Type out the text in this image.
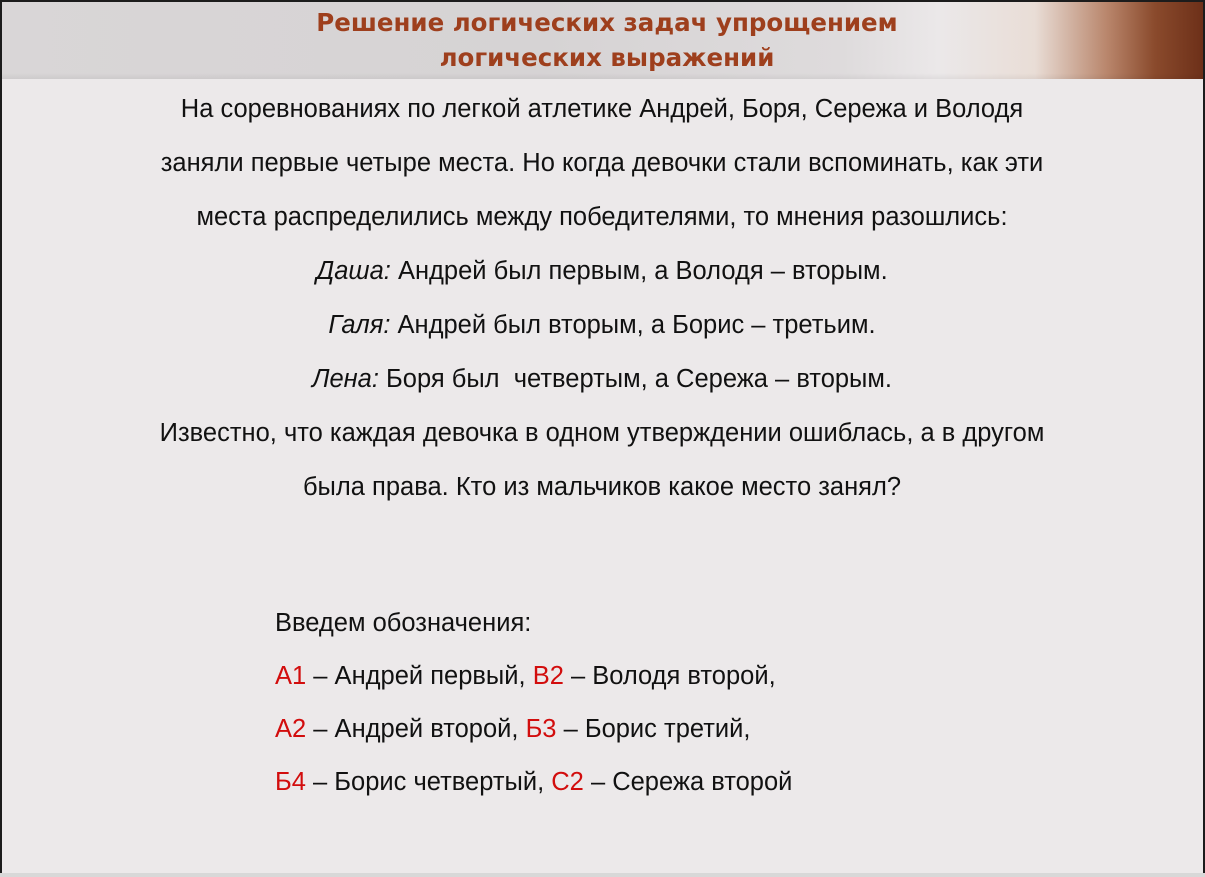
Решение логических задач упрощением
логических выражений

На соревнованиях по легкой атлетике Андрей, Боря, Сережа и Володя

заняли первые четыре места. Но когда девочки стали вспоминать, как эти

места распределились между победителями, то мнения разошлись:

Даша: Андрей был первым, а Володя – вторым.

Галя: Андрей был вторым, а Борис – третьим.

Лена: Боря был  четвертым, а Сережа – вторым.

Известно, что каждая девочка в одном утверждении ошиблась, а в другом

была права. Кто из мальчиков какое место занял?

Введем обозначения:

А1 – Андрей первый, В2 – Володя второй,

А2 – Андрей второй, Б3 – Борис третий,

Б4 – Борис четвертый, С2 – Сережа второй
